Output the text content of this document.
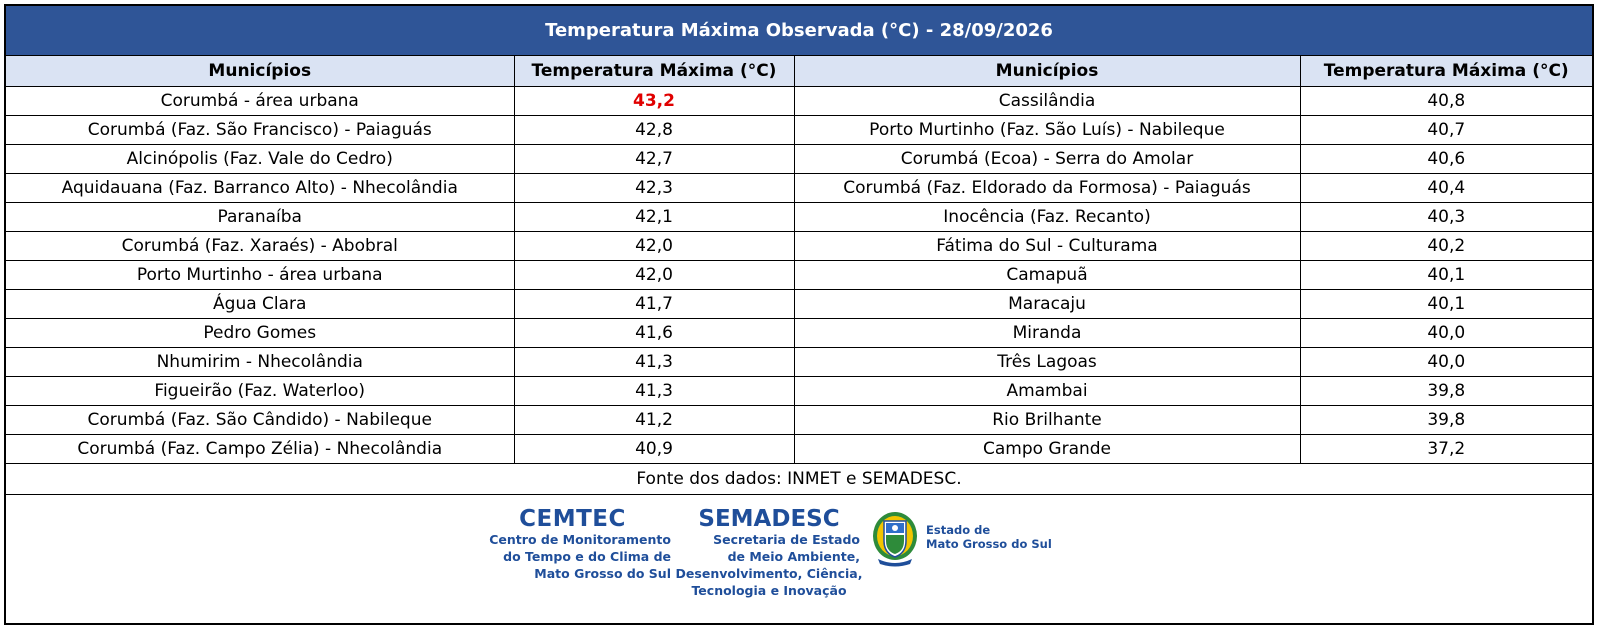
Temperatura Máxima Observada (°C) - 28/09/2026
Municípios	Temperatura Máxima (°C)	Municípios	Temperatura Máxima (°C)
Corumbá - área urbana	43,2	Cassilândia	40,8
Corumbá (Faz. São Francisco) - Paiaguás	42,8	Porto Murtinho (Faz. São Luís) - Nabileque	40,7
Alcinópolis (Faz. Vale do Cedro)	42,7	Corumbá (Ecoa) - Serra do Amolar	40,6
Aquidauana (Faz. Barranco Alto) - Nhecolândia	42,3	Corumbá (Faz. Eldorado da Formosa) - Paiaguás	40,4
Paranaíba	42,1	Inocência (Faz. Recanto)	40,3
Corumbá (Faz. Xaraés) - Abobral	42,0	Fátima do Sul - Culturama	40,2
Porto Murtinho - área urbana	42,0	Camapuã	40,1
Água Clara	41,7	Maracaju	40,1
Pedro Gomes	41,6	Miranda	40,0
Nhumirim - Nhecolândia	41,3	Três Lagoas	40,0
Figueirão (Faz. Waterloo)	41,3	Amambai	39,8
Corumbá (Faz. São Cândido) - Nabileque	41,2	Rio Brilhante	39,8
Corumbá (Faz. Campo Zélia) - Nhecolândia	40,9	Campo Grande	37,2
Fonte dos dados: INMET e SEMADESC.
CEMTEC
Centro de Monitoramento
do Tempo e do Clima de
Mato Grosso do Sul
SEMADESC
Secretaria de Estado
de Meio Ambiente,
Desenvolvimento, Ciência,
Tecnologia e Inovação
Estado de
Mato Grosso do Sul
